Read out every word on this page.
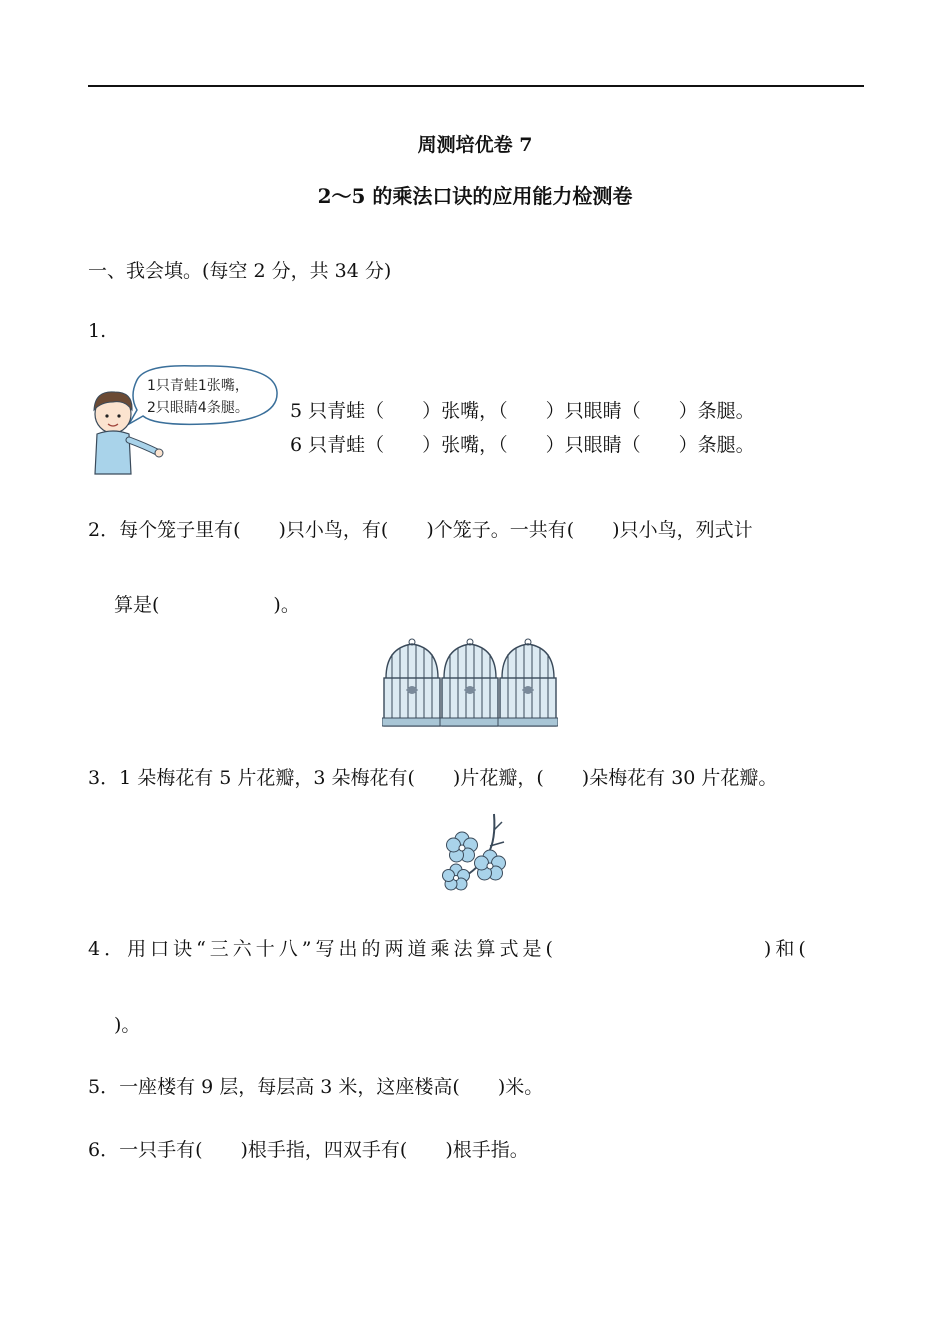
周测培优卷 7
2～5 的乘法口诀的应用能力检测卷
一、我会填。(每空 2 分，共 34 分)
1.
1只青蛙1张嘴，
2只眼睛4条腿。 5 只青蛙（　　）张嘴，（　　）只眼睛（　　）条腿。
6 只青蛙（　　）张嘴，（　　）只眼睛（　　）条腿。
2．每个笼子里有(　　)只小鸟，有(　　)个笼子。一共有(　　)只小鸟，列式计
算是(　　　　　　)。
3．1 朵梅花有 5 片花瓣，3 朵梅花有(　　)片花瓣，(　　)朵梅花有 30 片花瓣。
4．用口诀“三六十八”写出的两道乘法算式是(　　　　　　　　　)和(
)。
5．一座楼有 9 层，每层高 3 米，这座楼高(　　)米。
6．一只手有(　　)根手指，四双手有(　　)根手指。
